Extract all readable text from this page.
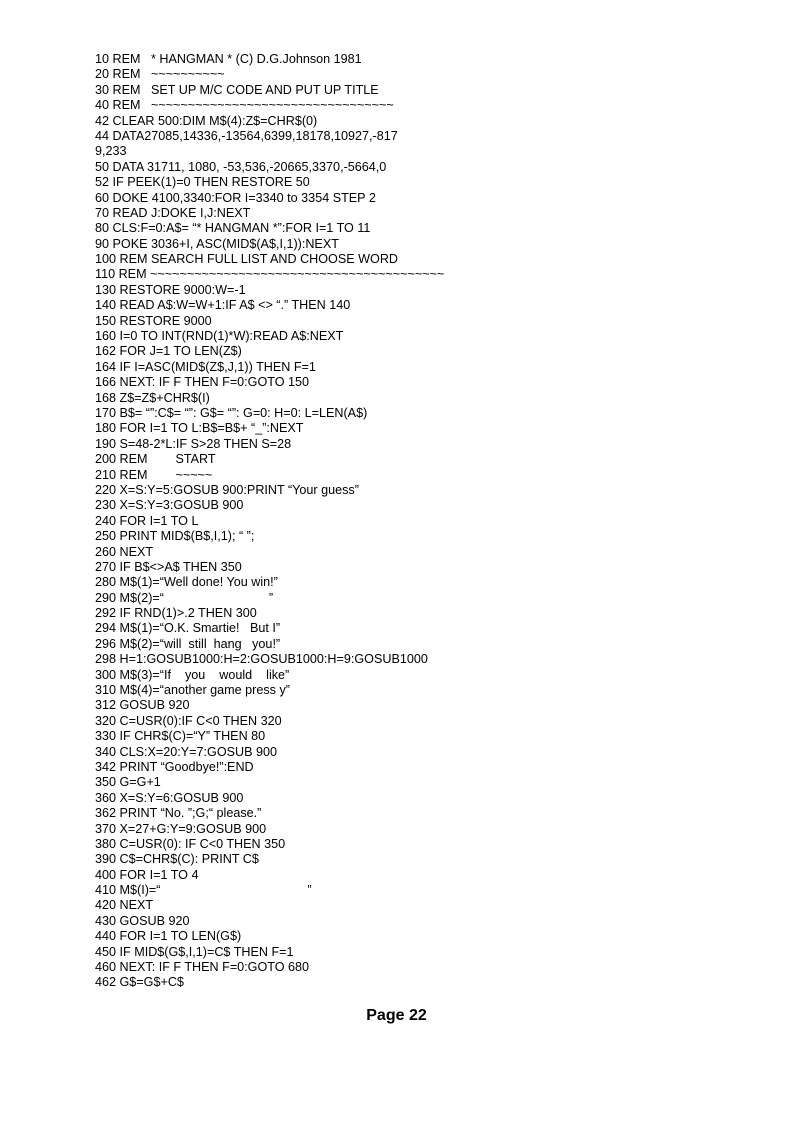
10 REM   * HANGMAN * (C) D.G.Johnson 1981
20 REM   ~~~~~~~~~~
30 REM   SET UP M/C CODE AND PUT UP TITLE
40 REM   ~~~~~~~~~~~~~~~~~~~~~~~~~~~~~~~~~
42 CLEAR 500:DIM M$(4):Z$=CHR$(0)
44 DATA27085,14336,-13564,6399,18178,10927,-817
9,233
50 DATA 31711, 1080, -53,536,-20665,3370,-5664,0
52 IF PEEK(1)=0 THEN RESTORE 50
60 DOKE 4100,3340:FOR I=3340 to 3354 STEP 2
70 READ J:DOKE I,J:NEXT
80 CLS:F=0:A$= “* HANGMAN *”:FOR I=1 TO 11
90 POKE 3036+I, ASC(MID$(A$,I,1)):NEXT
100 REM SEARCH FULL LIST AND CHOOSE WORD
110 REM ~~~~~~~~~~~~~~~~~~~~~~~~~~~~~~~~~~~~~~~~
130 RESTORE 9000:W=-1
140 READ A$:W=W+1:IF A$ <> “.” THEN 140
150 RESTORE 9000
160 I=0 TO INT(RND(1)*W):READ A$:NEXT
162 FOR J=1 TO LEN(Z$)
164 IF I=ASC(MID$(Z$,J,1)) THEN F=1
166 NEXT: IF F THEN F=0:GOTO 150
168 Z$=Z$+CHR$(I)
170 B$= “”:C$= “”: G$= “”: G=0: H=0: L=LEN(A$)
180 FOR I=1 TO L:B$=B$+ “_”:NEXT
190 S=48-2*L:IF S>28 THEN S=28
200 REM        START
210 REM        ~~~~~
220 X=S:Y=5:GOSUB 900:PRINT “Your guess”
230 X=S:Y=3:GOSUB 900
240 FOR I=1 TO L
250 PRINT MID$(B$,I,1); “ ”;
260 NEXT
270 IF B$<>A$ THEN 350
280 M$(1)=“Well done! You win!”
290 M$(2)=“                              ”
292 IF RND(1)>.2 THEN 300
294 M$(1)=“O.K. Smartie!   But I”
296 M$(2)=“will  still  hang   you!”
298 H=1:GOSUB1000:H=2:GOSUB1000:H=9:GOSUB1000
300 M$(3)=“If    you    would    like”
310 M$(4)=“another game press y”
312 GOSUB 920
320 C=USR(0):IF C<0 THEN 320
330 IF CHR$(C)=“Y” THEN 80
340 CLS:X=20:Y=7:GOSUB 900
342 PRINT “Goodbye!”:END
350 G=G+1
360 X=S:Y=6:GOSUB 900
362 PRINT “No. ”;G;“ please.”
370 X=27+G:Y=9:GOSUB 900
380 C=USR(0): IF C<0 THEN 350
390 C$=CHR$(C): PRINT C$
400 FOR I=1 TO 4
410 M$(I)=“                                          ”
420 NEXT
430 GOSUB 920
440 FOR I=1 TO LEN(G$)
450 IF MID$(G$,I,1)=C$ THEN F=1
460 NEXT: IF F THEN F=0:GOTO 680
462 G$=G$+C$
Page 22
